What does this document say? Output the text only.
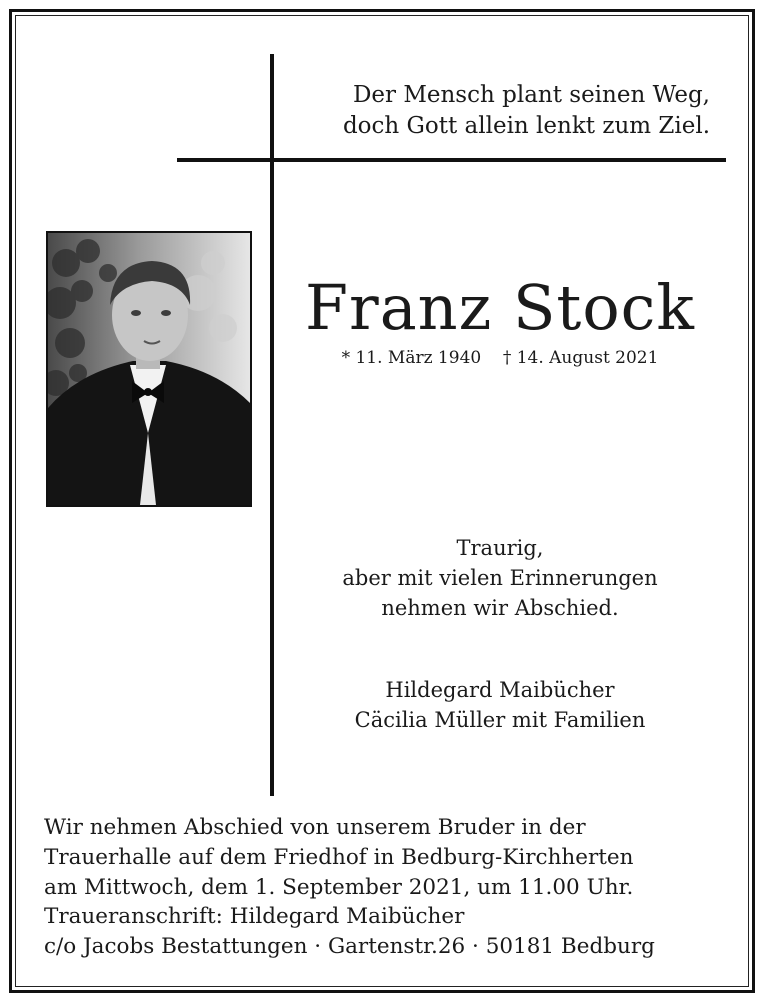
Der Mensch plant seinen Weg,
doch Gott allein lenkt zum Ziel.
Franz Stock
* 11. März 1940    † 14. August 2021
Traurig,
aber mit vielen Erinnerungen
nehmen wir Abschied.
Hildegard Maibücher
Cäcilia Müller mit Familien
Wir nehmen Abschied von unserem Bruder in der
Trauerhalle auf dem Friedhof in Bedburg-Kirchherten
am Mittwoch, dem 1. September 2021, um 11.00 Uhr.
Traueranschrift: Hildegard Maibücher
c/o Jacobs Bestattungen · Gartenstr.26 · 50181 Bedburg
